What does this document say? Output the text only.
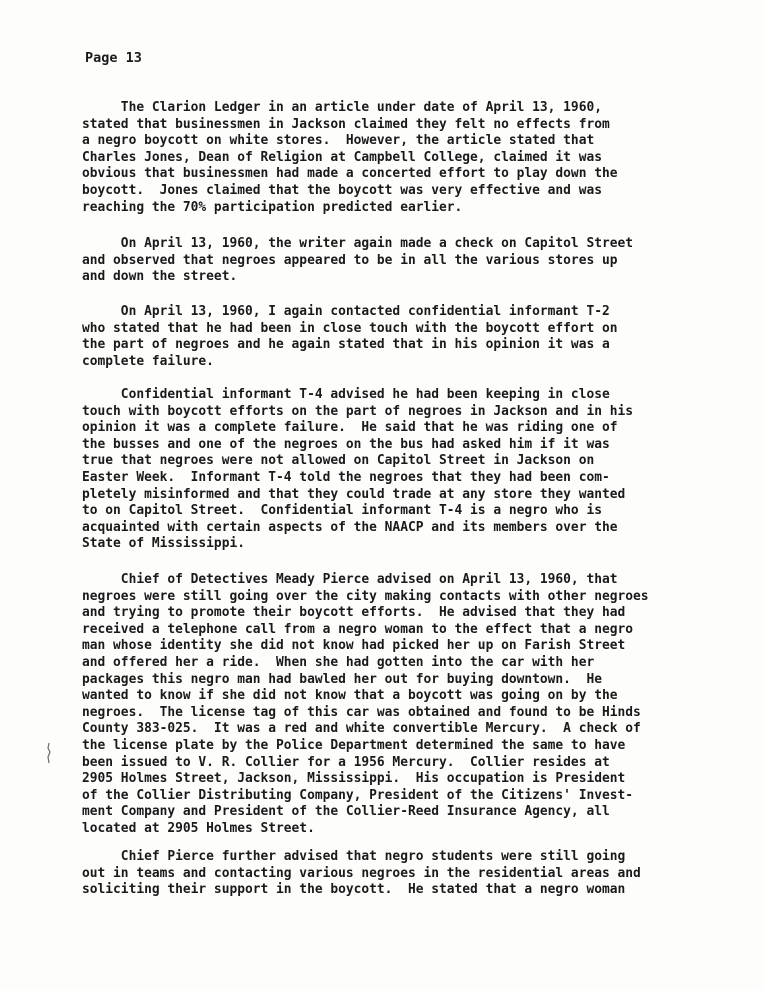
Page 13
The Clarion Ledger in an article under date of April 13, 1960,
stated that businessmen in Jackson claimed they felt no effects from
a negro boycott on white stores.  However, the article stated that
Charles Jones, Dean of Religion at Campbell College, claimed it was
obvious that businessmen had made a concerted effort to play down the
boycott.  Jones claimed that the boycott was very effective and was
reaching the 70% participation predicted earlier.
On April 13, 1960, the writer again made a check on Capitol Street
and observed that negroes appeared to be in all the various stores up
and down the street.
On April 13, 1960, I again contacted confidential informant T-2
who stated that he had been in close touch with the boycott effort on
the part of negroes and he again stated that in his opinion it was a
complete failure.
Confidential informant T-4 advised he had been keeping in close
touch with boycott efforts on the part of negroes in Jackson and in his
opinion it was a complete failure.  He said that he was riding one of
the busses and one of the negroes on the bus had asked him if it was
true that negroes were not allowed on Capitol Street in Jackson on
Easter Week.  Informant T-4 told the negroes that they had been com-
pletely misinformed and that they could trade at any store they wanted
to on Capitol Street.  Confidential informant T-4 is a negro who is
acquainted with certain aspects of the NAACP and its members over the
State of Mississippi.
Chief of Detectives Meady Pierce advised on April 13, 1960, that
negroes were still going over the city making contacts with other negroes
and trying to promote their boycott efforts.  He advised that they had
received a telephone call from a negro woman to the effect that a negro
man whose identity she did not know had picked her up on Farish Street
and offered her a ride.  When she had gotten into the car with her
packages this negro man had bawled her out for buying downtown.  He
wanted to know if she did not know that a boycott was going on by the
negroes.  The license tag of this car was obtained and found to be Hinds
County 383-025.  It was a red and white convertible Mercury.  A check of
the license plate by the Police Department determined the same to have
been issued to V. R. Collier for a 1956 Mercury.  Collier resides at
2905 Holmes Street, Jackson, Mississippi.  His occupation is President
of the Collier Distributing Company, President of the Citizens' Invest-
ment Company and President of the Collier-Reed Insurance Agency, all
located at 2905 Holmes Street.
Chief Pierce further advised that negro students were still going
out in teams and contacting various negroes in the residential areas and
soliciting their support in the boycott.  He stated that a negro woman
